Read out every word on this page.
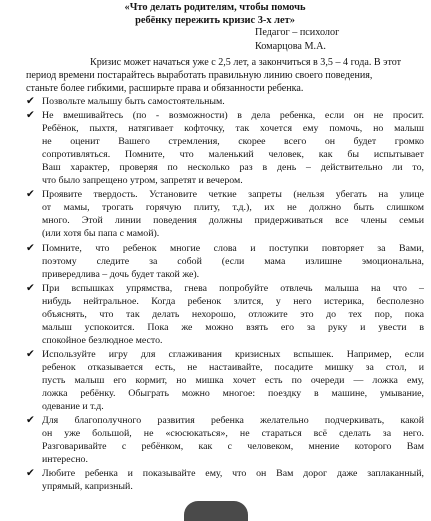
«Что делать родителям, чтобы помочь
ребёнку пережить кризис 3-х лет»
Педагог – психолог
Комарцова М.А.
Кризис может начаться уже с 2,5 лет, а закончиться в 3,5 – 4 года. В этот
период времени постарайтесь выработать правильную линию своего поведения,
станьте более гибкими, расширьте права и обязанности ребенка.
✔ Позвольте малышу быть самостоятельным.
✔ Не вмешивайтесь (по - возможности) в дела ребенка, если он не просит.
Ребёнок, пыхтя, натягивает кофточку, так хочется ему помочь, но малыш
не оценит Вашего стремления, скорее всего он будет громко
сопротивляться. Помните, что маленький человек, как бы испытывает
Ваш характер, проверяя по несколько раз в день – действительно ли то,
что было запрещено утром, запретят и вечером.
✔ Проявите твердость. Установите четкие запреты (нельзя убегать на улице
от мамы, трогать горячую плиту, т.д.), их не должно быть слишком
много. Этой линии поведения должны придерживаться все члены семьи
(или хотя бы папа с мамой).
✔ Помните, что ребенок многие слова и поступки повторяет за Вами,
поэтому следите за собой (если мама излишне эмоциональна,
привередлива – дочь будет такой же).
✔ При вспышках упрямства, гнева попробуйте отвлечь малыша на что –
нибудь нейтральное. Когда ребенок злится, у него истерика, бесполезно
объяснять, что так делать нехорошо, отложите это до тех пор, пока
малыш успокоится. Пока же можно взять его за руку и увести в
спокойное безлюдное место.
✔ Используйте игру для сглаживания кризисных вспышек. Например, если
ребенок отказывается есть, не настаивайте, посадите мишку за стол, и
пусть малыш его кормит, но мишка хочет есть по очереди — ложка ему,
ложка ребёнку. Обыграть можно многое: поездку в машине, умывание,
одевание и т.д.
✔ Для благополучного развития ребенка желательно подчеркивать, какой
он уже большой, не «сюсюкаться», не стараться всё сделать за него.
Разговаривайте с ребёнком, как с человеком, мнение которого Вам
интересно.
✔ Любите ребенка и показывайте ему, что он Вам дорог даже заплаканный,
упрямый, капризный.
